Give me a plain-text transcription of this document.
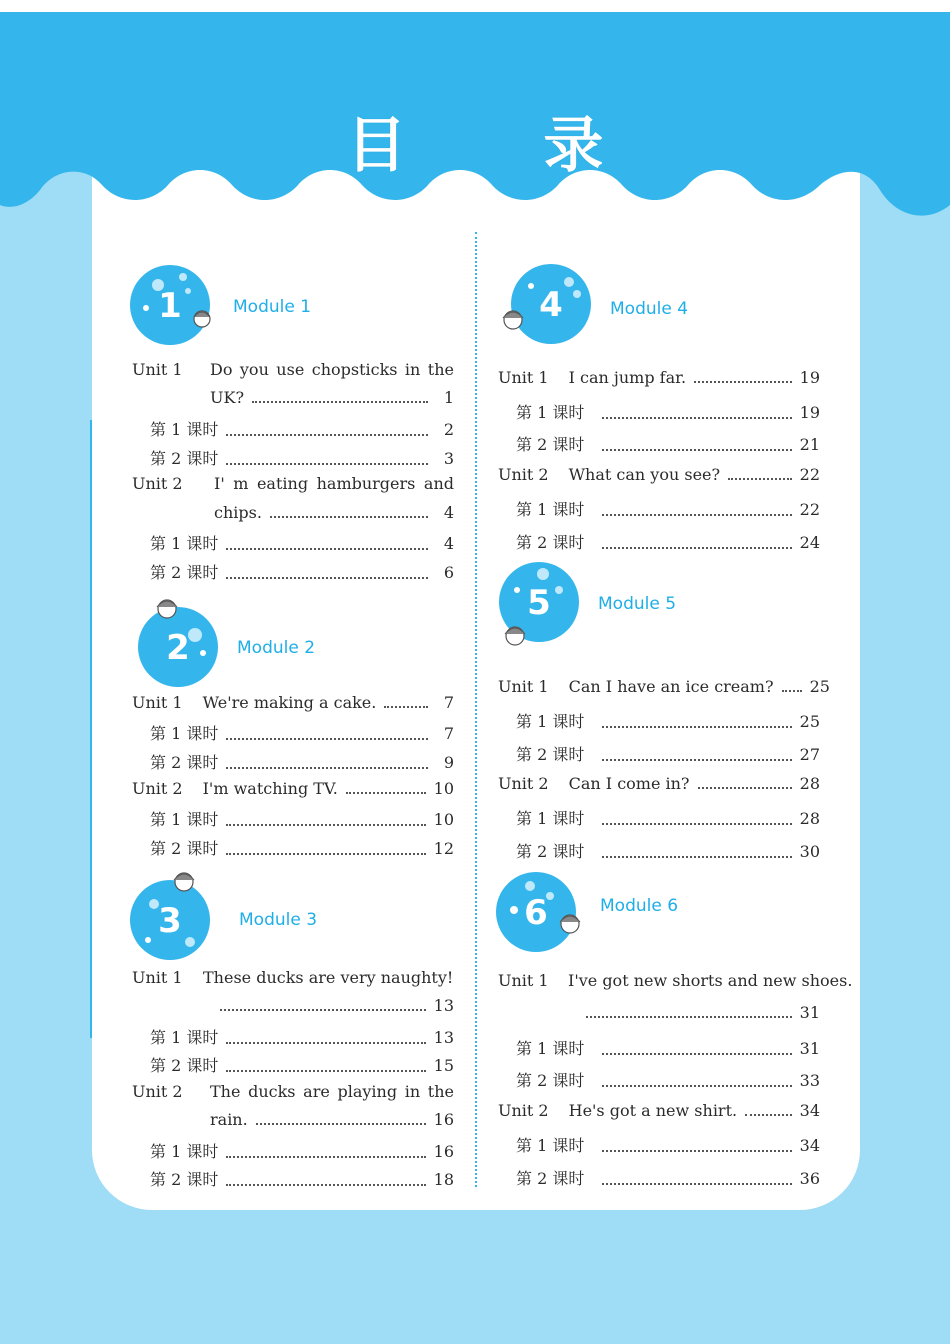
目 录
1	Module 1
Unit 1 Do you use chopsticks in the
UK?	1
第 1 课时	2
第 2 课时	3
Unit 2 I' m eating hamburgers and
chips.	4
第 1 课时	4
第 2 课时	6
2	Module 2
Unit 1 We're making a cake.	7
第 1 课时	7
第 2 课时	9
Unit 2 I'm watching TV.	10
第 1 课时	10
第 2 课时	12
3	Module 3
Unit 1 These ducks are very naughty!
13
第 1 课时	13
第 2 课时	15
Unit 2 The ducks are playing in the
rain.	16
第 1 课时	16
第 2 课时	18
4	Module 4
Unit 1 I can jump far.	19
第 1 课时	19
第 2 课时	21
Unit 2 What can you see?	22
第 1 课时	22
第 2 课时	24
5	Module 5
Unit 1 Can I have an ice cream? 25
第 1 课时	25
第 2 课时	27
Unit 2 Can I come in?	28
第 1 课时	28
第 2 课时	30
6	Module 6
Unit 1 I've got new shorts and new shoes.
31
第 1 课时	31
第 2 课时	33
Unit 2 He's got a new shirt.	34
第 1 课时	34
第 2 课时	36
